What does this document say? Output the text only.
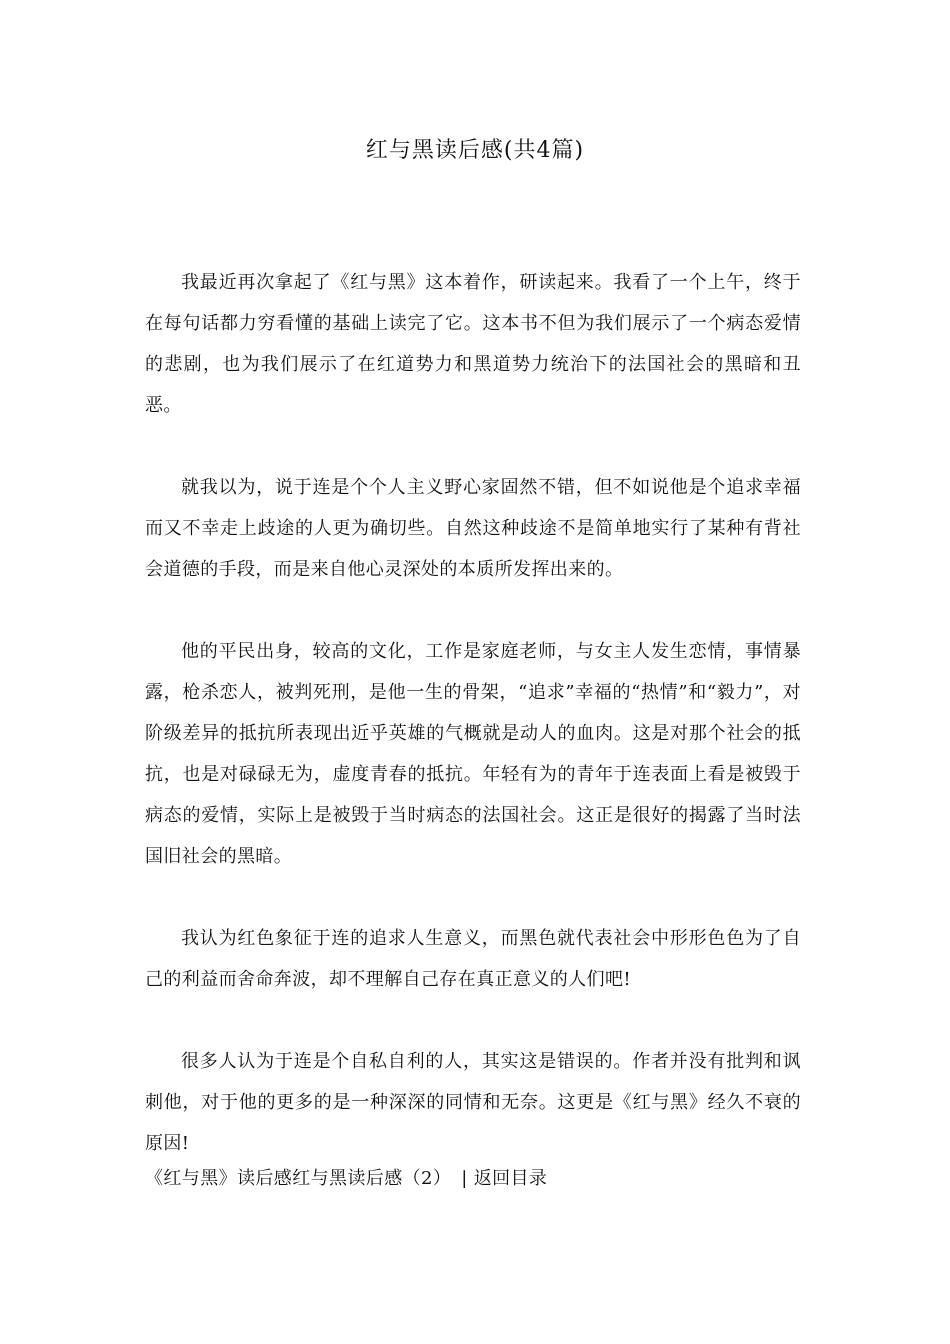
红与黑读后感(共4篇)

我最近再次拿起了《红与黑》这本着作，研读起来。我看了一个上午，终于在每句话都力穷看懂的基础上读完了它。这本书不但为我们展示了一个病态爱情的悲剧，也为我们展示了在红道势力和黑道势力统治下的法国社会的黑暗和丑恶。

就我以为，说于连是个个人主义野心家固然不错，但不如说他是个追求幸福而又不幸走上歧途的人更为确切些。自然这种歧途不是简单地实行了某种有背社会道德的手段，而是来自他心灵深处的本质所发挥出来的。

他的平民出身，较高的文化，工作是家庭老师，与女主人发生恋情，事情暴露，枪杀恋人，被判死刑，是他一生的骨架，“追求”幸福的“热情”和“毅力”，对阶级差异的抵抗所表现出近乎英雄的气概就是动人的血肉。这是对那个社会的抵抗，也是对碌碌无为，虚度青春的抵抗。年轻有为的青年于连表面上看是被毁于病态的爱情，实际上是被毁于当时病态的法国社会。这正是很好的揭露了当时法国旧社会的黑暗。

我认为红色象征于连的追求人生意义，而黑色就代表社会中形形色色为了自己的利益而舍命奔波，却不理解自己存在真正意义的人们吧!

很多人认为于连是个自私自利的人，其实这是错误的。作者并没有批判和讽刺他，对于他的更多的是一种深深的同情和无奈。这更是《红与黑》经久不衰的原因!

《红与黑》读后感红与黑读后感（2） | 返回目录
